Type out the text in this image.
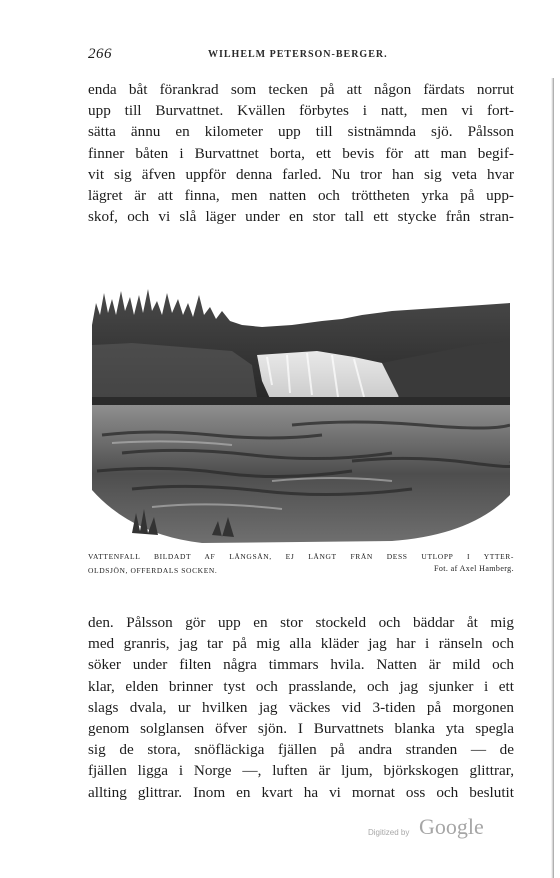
266	WILHELM PETERSON-BERGER.
enda båt förankrad som tecken på att någon färdats norrut
upp till Burvattnet. Kvällen förbytes i natt, men vi fort-
sätta ännu en kilometer upp till sistnämnda sjö. Pålsson
finner båten i Burvattnet borta, ett bevis för att man begif-
vit sig äfven uppför denna farled. Nu tror han sig veta hvar
lägret är att finna, men natten och tröttheten yrka på upp-
skof, och vi slå läger under en stor tall ett stycke från stran-
VATTENFALL BILDADT AF LÅNGSÅN, EJ LÅNGT FRÅN DESS UTLOPP I YTTER-
OLDSJÖN, OFFERDALS SOCKEN.	Fot. af Axel Hamberg.
den. Pålsson gör upp en stor stockeld och bäddar åt mig
med granris, jag tar på mig alla kläder jag har i ränseln och
söker under filten några timmars hvila. Natten är mild och
klar, elden brinner tyst och prasslande, och jag sjunker i ett
slags dvala, ur hvilken jag väckes vid 3-tiden på morgonen
genom solglansen öfver sjön. I Burvattnets blanka yta spegla
sig de stora, snöfläckiga fjällen på andra stranden — de
fjällen ligga i Norge —, luften är ljum, björkskogen glittrar,
allting glittrar. Inom en kvart ha vi mornat oss och beslutit
Digitized by Google
